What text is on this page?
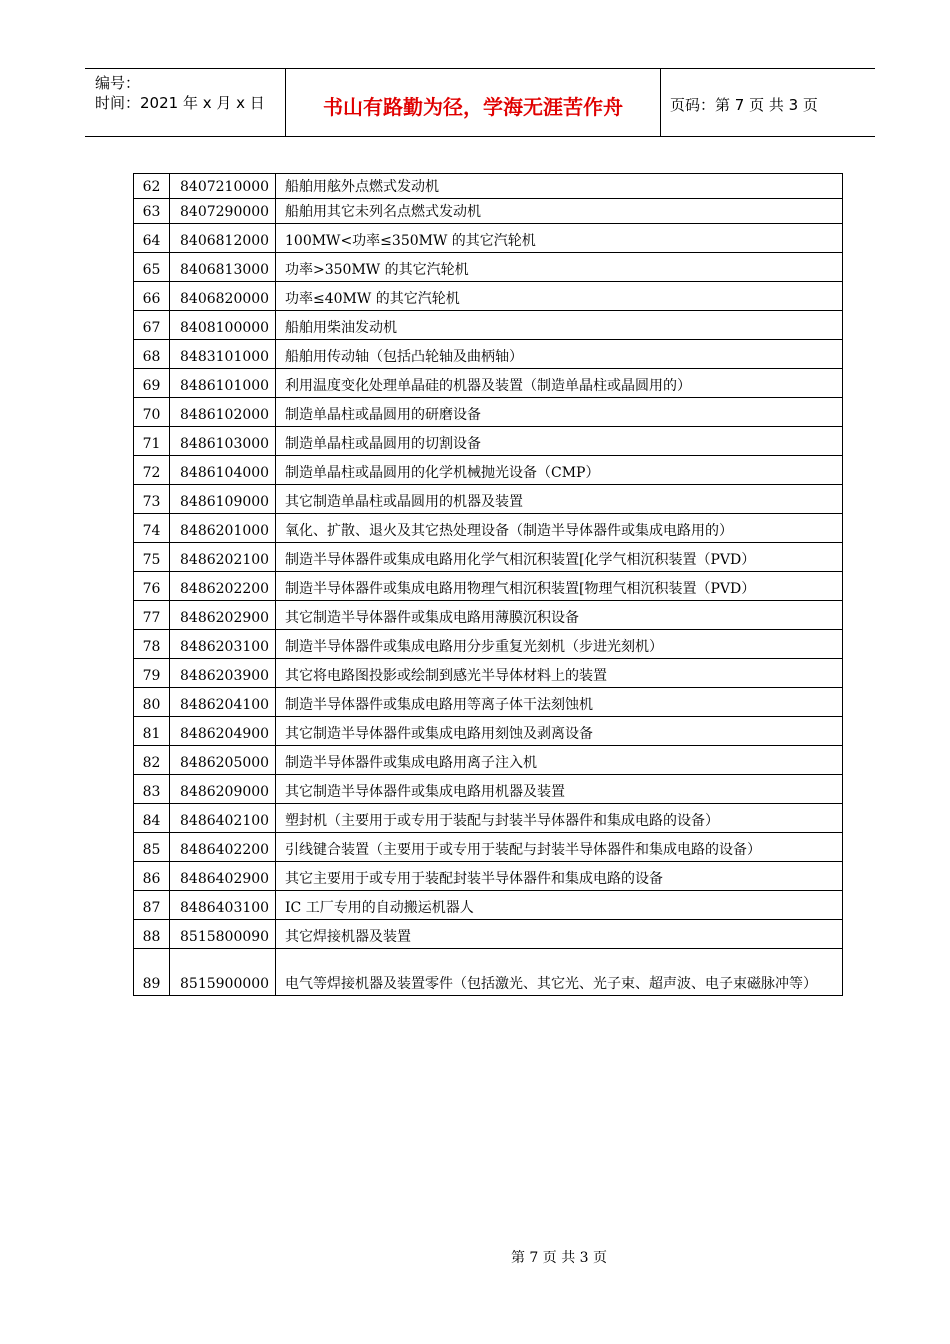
编号：
时间：2021 年 x 月 x 日	书山有路勤为径，学海无涯苦作舟	页码：第 7 页 共 3 页
62	8407210000	船舶用舷外点燃式发动机
63	8407290000	船舶用其它未列名点燃式发动机
64	8406812000	100MW<功率≤350MW 的其它汽轮机
65	8406813000	功率>350MW 的其它汽轮机
66	8406820000	功率≤40MW 的其它汽轮机
67	8408100000	船舶用柴油发动机
68	8483101000	船舶用传动轴（包括凸轮轴及曲柄轴）
69	8486101000	利用温度变化处理单晶硅的机器及装置（制造单晶柱或晶圆用的）
70	8486102000	制造单晶柱或晶圆用的研磨设备
71	8486103000	制造单晶柱或晶圆用的切割设备
72	8486104000	制造单晶柱或晶圆用的化学机械抛光设备（CMP）
73	8486109000	其它制造单晶柱或晶圆用的机器及装置
74	8486201000	氧化、扩散、退火及其它热处理设备（制造半导体器件或集成电路用的）
75	8486202100	制造半导体器件或集成电路用化学气相沉积装置[化学气相沉积装置（PVD）
76	8486202200	制造半导体器件或集成电路用物理气相沉积装置[物理气相沉积装置（PVD）
77	8486202900	其它制造半导体器件或集成电路用薄膜沉积设备
78	8486203100	制造半导体器件或集成电路用分步重复光刻机（步进光刻机）
79	8486203900	其它将电路图投影或绘制到感光半导体材料上的装置
80	8486204100	制造半导体器件或集成电路用等离子体干法刻蚀机
81	8486204900	其它制造半导体器件或集成电路用刻蚀及剥离设备
82	8486205000	制造半导体器件或集成电路用离子注入机
83	8486209000	其它制造半导体器件或集成电路用机器及装置
84	8486402100	塑封机（主要用于或专用于装配与封装半导体器件和集成电路的设备）
85	8486402200	引线键合装置（主要用于或专用于装配与封装半导体器件和集成电路的设备）
86	8486402900	其它主要用于或专用于装配封装半导体器件和集成电路的设备
87	8486403100	IC 工厂专用的自动搬运机器人
88	8515800090	其它焊接机器及装置
89	8515900000	电气等焊接机器及装置零件（包括激光、其它光、光子束、超声波、电子束磁脉冲等）
第 7 页 共 3 页
